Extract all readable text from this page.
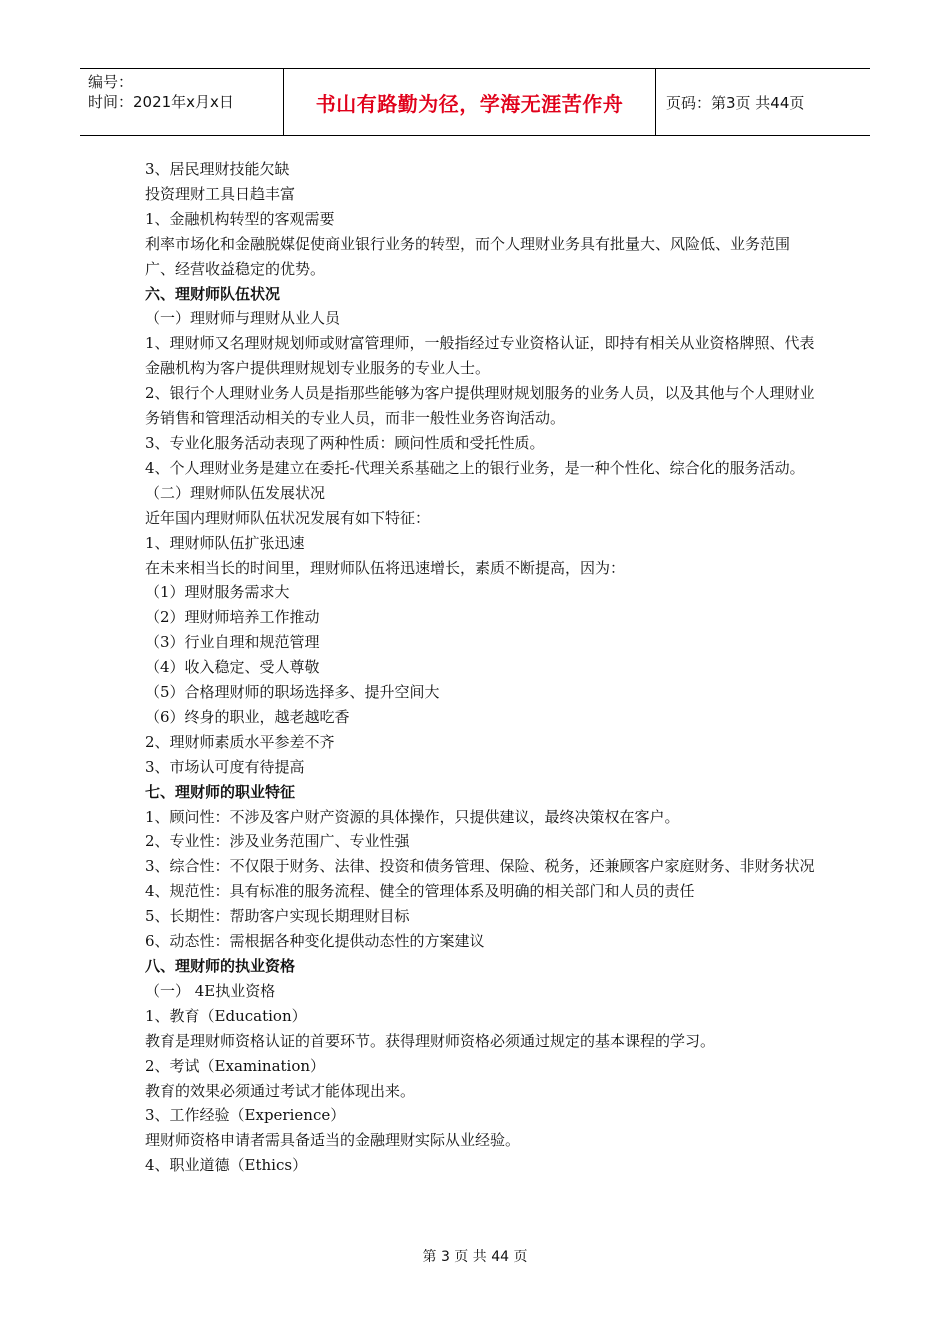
编号：
时间：2021年x月x日	书山有路勤为径，学海无涯苦作舟	页码：第3页 共44页

3、居民理财技能欠缺

投资理财工具日趋丰富

1、金融机构转型的客观需要

利率市场化和金融脱媒促使商业银行业务的转型，而个人理财业务具有批量大、风险低、业务范围广、经营收益稳定的优势。

六、理财师队伍状况

（一）理财师与理财从业人员

1、理财师又名理财规划师或财富管理师，一般指经过专业资格认证，即持有相关从业资格牌照、代表金融机构为客户提供理财规划专业服务的专业人士。

2、银行个人理财业务人员是指那些能够为客户提供理财规划服务的业务人员，以及其他与个人理财业务销售和管理活动相关的专业人员，而非一般性业务咨询活动。

3、专业化服务活动表现了两种性质：顾问性质和受托性质。

4、个人理财业务是建立在委托-代理关系基础之上的银行业务，是一种个性化、综合化的服务活动。

（二）理财师队伍发展状况

近年国内理财师队伍状况发展有如下特征：

1、理财师队伍扩张迅速

在未来相当长的时间里，理财师队伍将迅速增长，素质不断提高，因为：

（1）理财服务需求大

（2）理财师培养工作推动

（3）行业自理和规范管理

（4）收入稳定、受人尊敬

（5）合格理财师的职场选择多、提升空间大

（6）终身的职业，越老越吃香

2、理财师素质水平参差不齐

3、市场认可度有待提高

七、理财师的职业特征

1、顾问性：不涉及客户财产资源的具体操作，只提供建议，最终决策权在客户。

2、专业性：涉及业务范围广、专业性强

3、综合性：不仅限于财务、法律、投资和债务管理、保险、税务，还兼顾客户家庭财务、非财务状况

4、规范性：具有标准的服务流程、健全的管理体系及明确的相关部门和人员的责任

5、长期性：帮助客户实现长期理财目标

6、动态性：需根据各种变化提供动态性的方案建议

八、理财师的执业资格

（一） 4E执业资格

1、教育（Education）

教育是理财师资格认证的首要环节。获得理财师资格必须通过规定的基本课程的学习。

2、考试（Examination）

教育的效果必须通过考试才能体现出来。

3、工作经验（Experience）

理财师资格申请者需具备适当的金融理财实际从业经验。

4、职业道德（Ethics）

第 3 页 共 44 页
